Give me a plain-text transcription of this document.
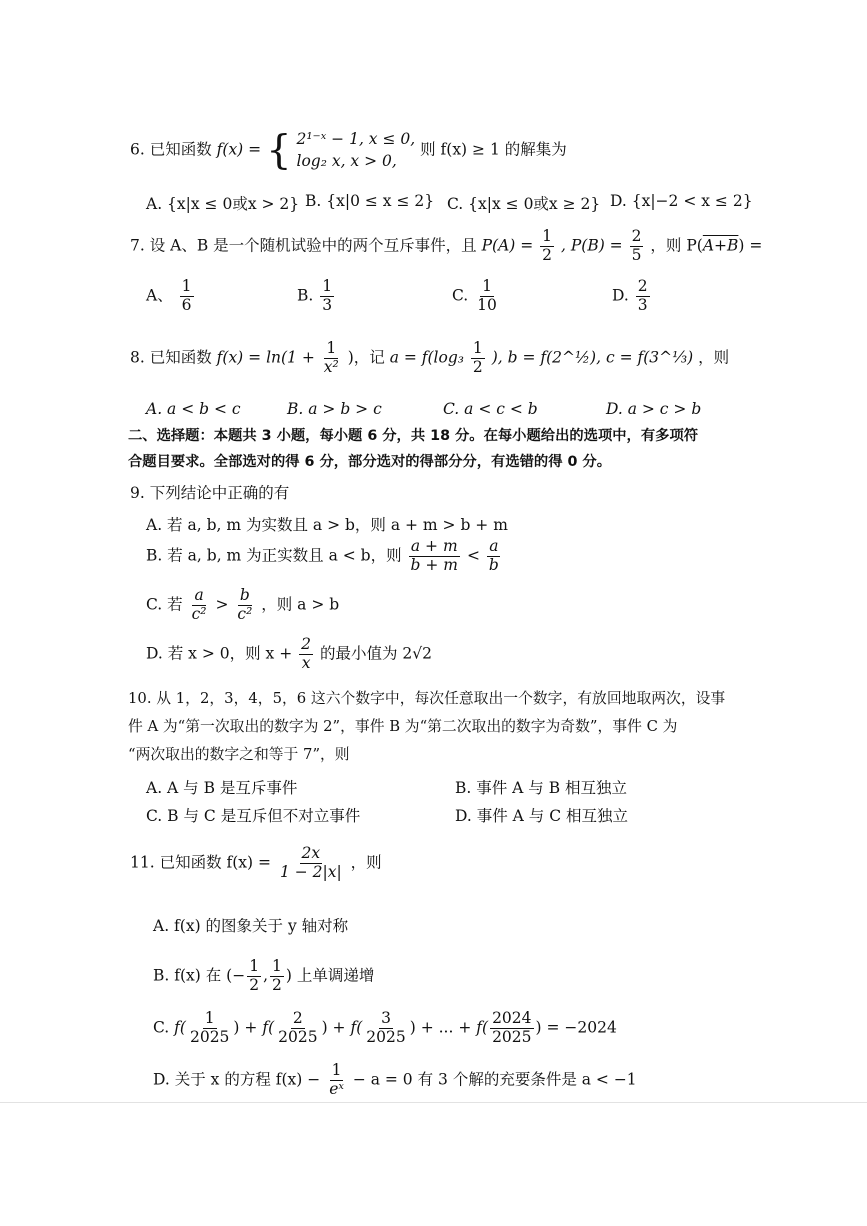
6. 已知函数 f(x) = { 2¹⁻ˣ − 1, x ≤ 0,
log₂ x, x > 0,
则 f(x) ≥ 1 的解集为
A. {x|x ≤ 0或x > 2} B. {x|0 ≤ x ≤ 2} C. {x|x ≤ 0或x ≥ 2} D. {x|−2 < x ≤ 2}
7. 设 A、B 是一个随机试验中的两个互斥事件，且 $P(A) = \frac{1}{2}$ , $P(B) = \frac{2}{5}$ ，则 P(A+B) =
A、 $\frac{1}{6}$	B. $\frac{1}{3}$	C. $\frac{1}{10}$	D. $\frac{2}{3}$
8. 已知函数 $f(x) = \ln(1 + \frac{1}{\text{x²}}$ )，记 $a = f(\log_3 \frac{1}{2}$ ), b = f(2^½), c = f(3^⅓) ，则
A. a < b < c	B. a > b > c	C. a < c < b	D. a > c > b
二、选择题：本题共 3 小题，每小题 6 分，共 18 分。在每小题给出的选项中，有多项符
合题目要求。全部选对的得 6 分，部分选对的得部分分，有选错的得 0 分。
9. 下列结论中正确的有
A. 若 a, b, m 为实数且 a > b，则 a + m > b + m
B. 若 a, b, m 为正实数且 a < b，则 $\frac{a + m}{b + m} < \frac{a}{b}$
C. 若 $\frac{a}{\text{c²}} > \frac{b}{\text{c²}}$ ，则 a > b
D. 若 x > 0，则 $x + \frac{2}{x}$ 的最小值为 2√2
10. 从 1，2，3，4，5，6 这六个数字中，每次任意取出一个数字，有放回地取两次，设事
件 A 为“第一次取出的数字为 2”，事件 B 为“第二次取出的数字为奇数”，事件 C 为
“两次取出的数字之和等于 7”，则
A. A 与 B 是互斥事件	B. 事件 A 与 B 相互独立
C. B 与 C 是互斥但不对立事件	D. 事件 A 与 C 相互独立
11. 已知函数 $f(x) = \frac{2x}{1 - 2|x|}$ ，则
A. f(x) 的图象关于 y 轴对称
B. f(x) 在 (− $\frac{1}{2}$ , $\frac{1}{2}$ ) 上单调递增
C. $f( \frac{1}{2025}$ ) + $f( \frac{2}{2025}$ ) + $f( \frac{3}{2025}$ ) + ... + $f( \frac{2024}{2025}$ ) = −2024
D. 关于 x 的方程 $f(x) - \frac{1}{\text{eˣ}} - a = 0$ 有 3 个解的充要条件是 a < −1
